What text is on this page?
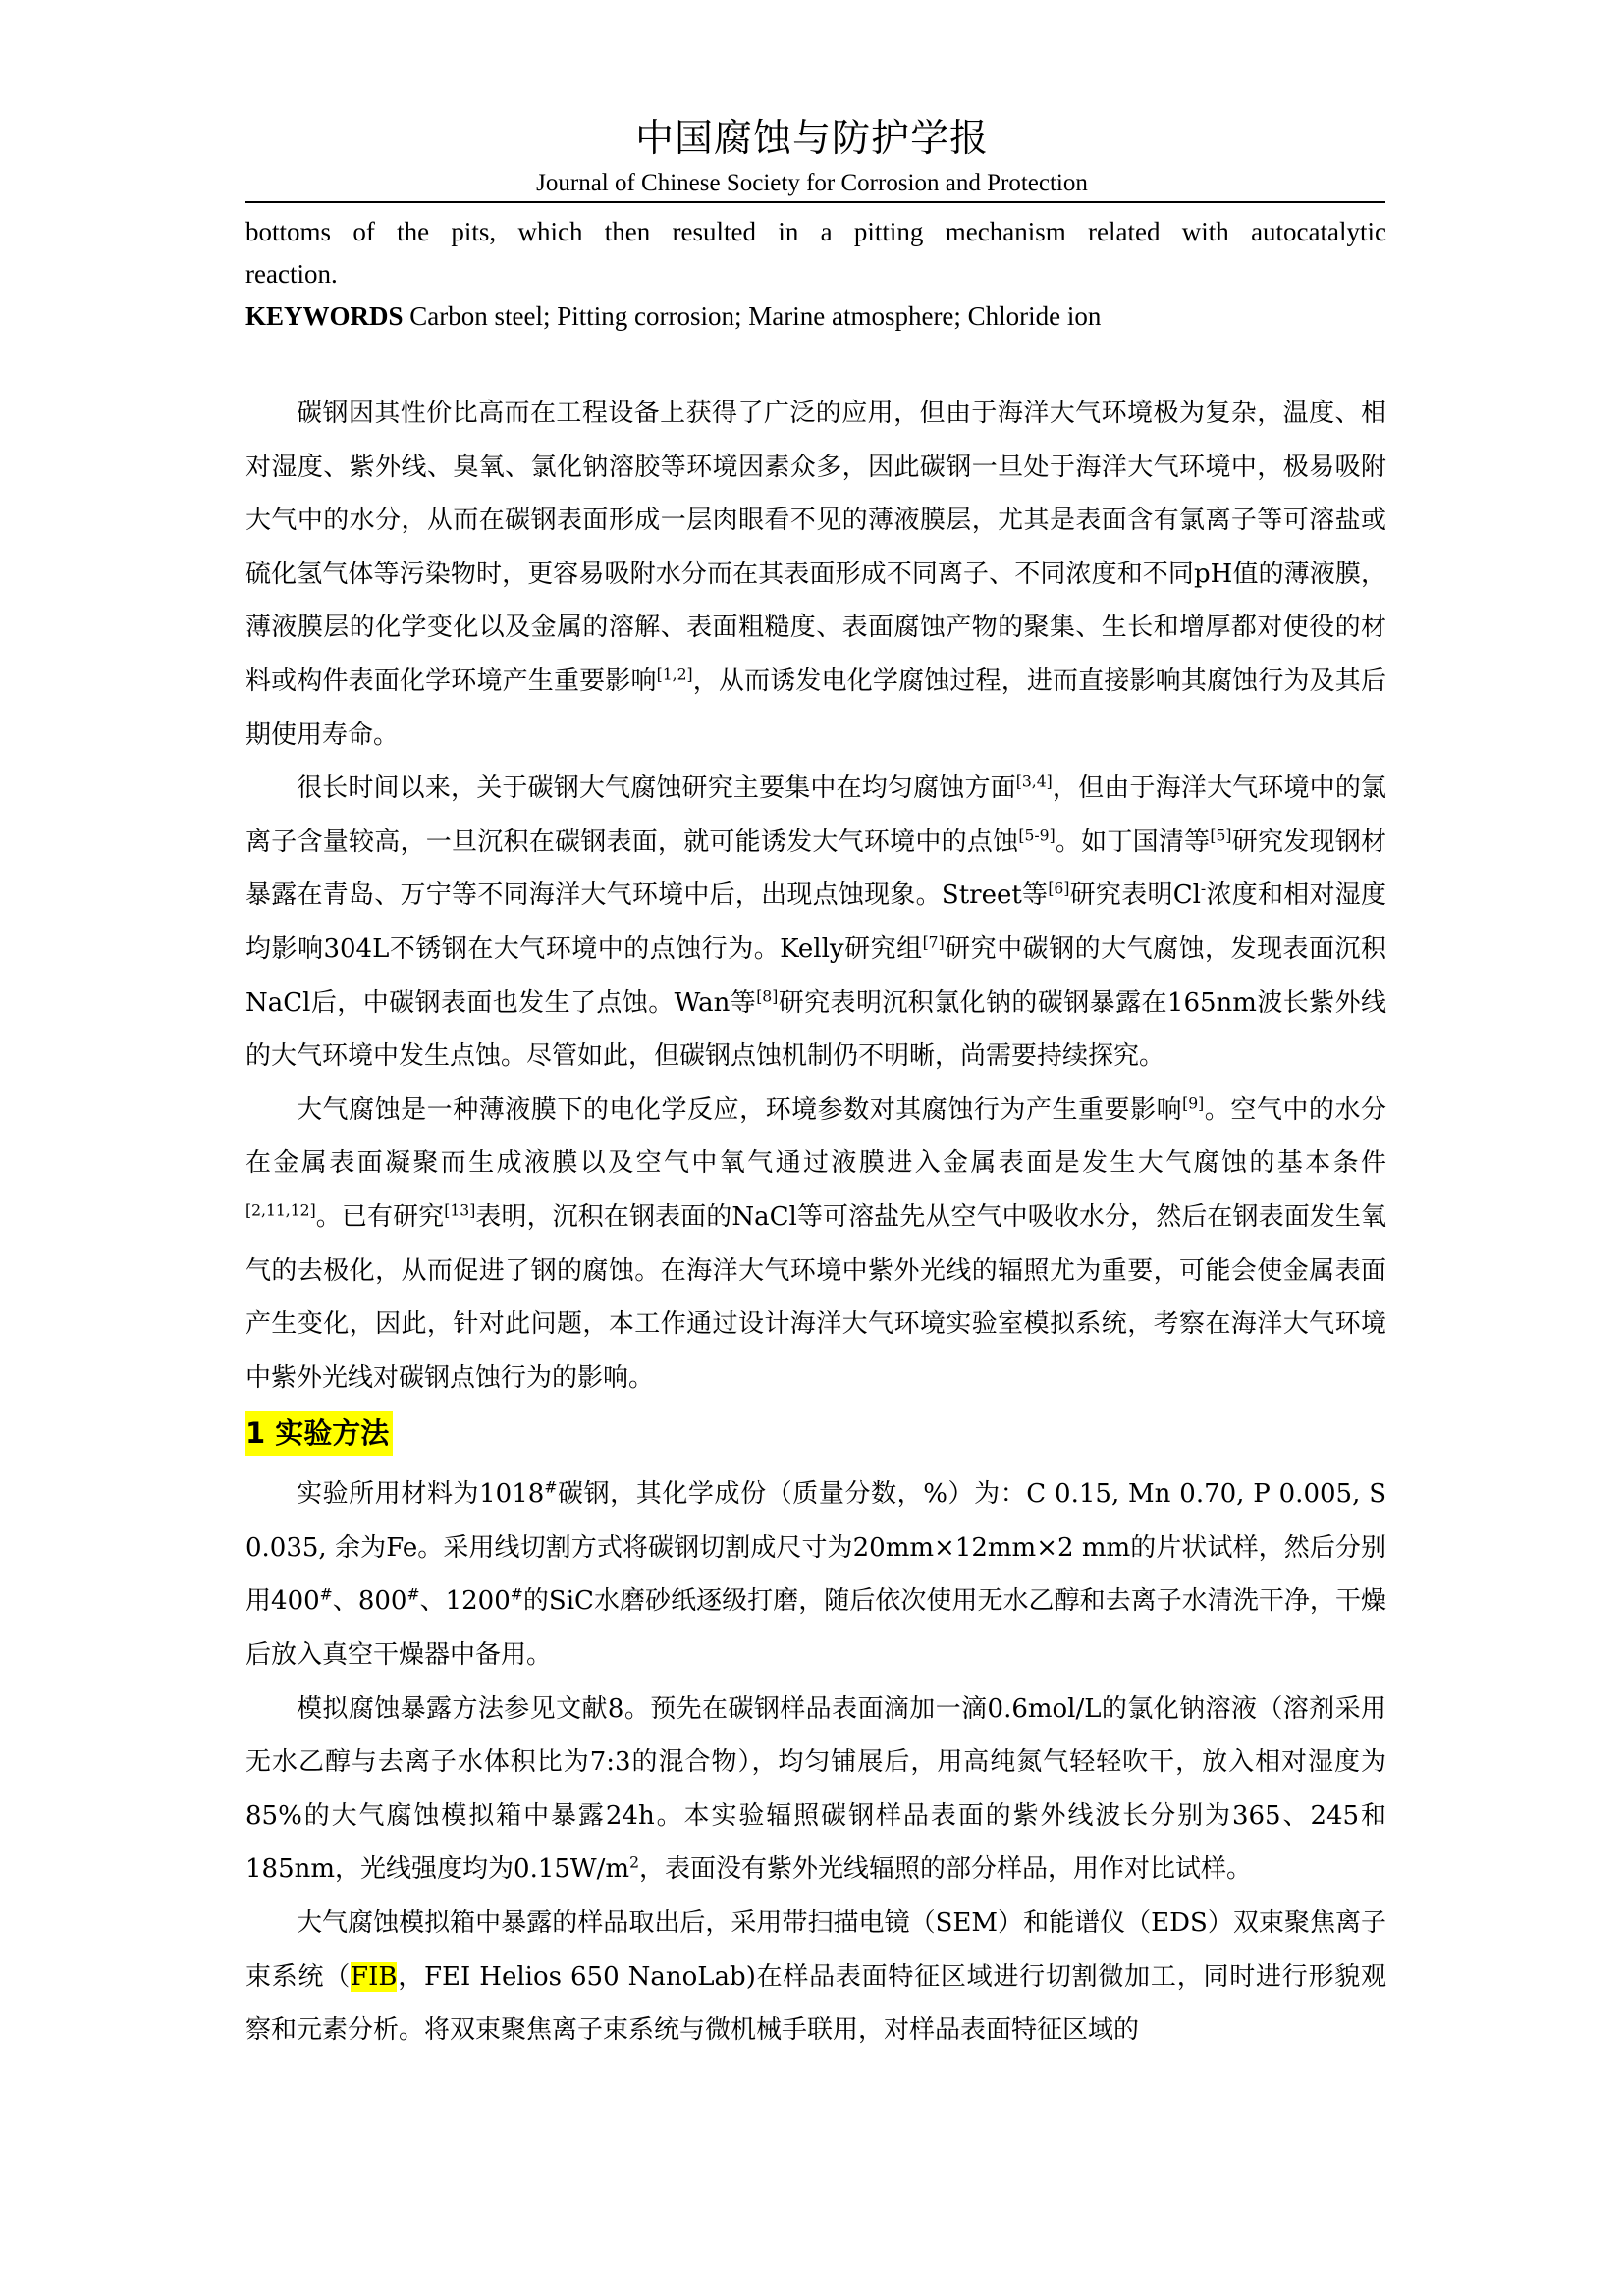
中国腐蚀与防护学报
Journal of Chinese Society for Corrosion and Protection

bottoms of the pits, which then resulted in a pitting mechanism related with autocatalytic

reaction.

KEYWORDS Carbon steel; Pitting corrosion; Marine atmosphere; Chloride ion

碳钢因其性价比高而在工程设备上获得了广泛的应用，但由于海洋大气环境极为复杂，温度、相对湿度、紫外线、臭氧、氯化钠溶胶等环境因素众多，因此碳钢一旦处于海洋大气环境中，极易吸附大气中的水分，从而在碳钢表面形成一层肉眼看不见的薄液膜层，尤其是表面含有氯离子等可溶盐或硫化氢气体等污染物时，更容易吸附水分而在其表面形成不同离子、不同浓度和不同pH值的薄液膜，薄液膜层的化学变化以及金属的溶解、表面粗糙度、表面腐蚀产物的聚集、生长和增厚都对使役的材料或构件表面化学环境产生重要影响[1,2]，从而诱发电化学腐蚀过程，进而直接影响其腐蚀行为及其后期使用寿命。

很长时间以来，关于碳钢大气腐蚀研究主要集中在均匀腐蚀方面[3,4]，但由于海洋大气环境中的氯离子含量较高，一旦沉积在碳钢表面，就可能诱发大气环境中的点蚀[5-9]。如丁国清等[5]研究发现钢材暴露在青岛、万宁等不同海洋大气环境中后，出现点蚀现象。Street等[6]研究表明Cl-浓度和相对湿度均影响304L不锈钢在大气环境中的点蚀行为。Kelly研究组[7]研究中碳钢的大气腐蚀，发现表面沉积NaCl后，中碳钢表面也发生了点蚀。Wan等[8]研究表明沉积氯化钠的碳钢暴露在165nm波长紫外线的大气环境中发生点蚀。尽管如此，但碳钢点蚀机制仍不明晰，尚需要持续探究。

大气腐蚀是一种薄液膜下的电化学反应，环境参数对其腐蚀行为产生重要影响[9]。空气中的水分在金属表面凝聚而生成液膜以及空气中氧气通过液膜进入金属表面是发生大气腐蚀的基本条件[2,11,12]。已有研究[13]表明，沉积在钢表面的NaCl等可溶盐先从空气中吸收水分，然后在钢表面发生氧气的去极化，从而促进了钢的腐蚀。在海洋大气环境中紫外光线的辐照尤为重要，可能会使金属表面产生变化，因此，针对此问题，本工作通过设计海洋大气环境实验室模拟系统，考察在海洋大气环境中紫外光线对碳钢点蚀行为的影响。

1 实验方法

实验所用材料为1018#碳钢，其化学成份（质量分数，%）为：C 0.15, Mn 0.70, P 0.005, S 0.035, 余为Fe。采用线切割方式将碳钢切割成尺寸为20mm×12mm×2 mm的片状试样，然后分别用400#、800#、1200#的SiC水磨砂纸逐级打磨，随后依次使用无水乙醇和去离子水清洗干净，干燥后放入真空干燥器中备用。

模拟腐蚀暴露方法参见文献8。预先在碳钢样品表面滴加一滴0.6mol/L的氯化钠溶液（溶剂采用无水乙醇与去离子水体积比为7:3的混合物），均匀铺展后，用高纯氮气轻轻吹干，放入相对湿度为85%的大气腐蚀模拟箱中暴露24h。本实验辐照碳钢样品表面的紫外线波长分别为365、245和185nm，光线强度均为$0.15W/m^2$，表面没有紫外光线辐照的部分样品，用作对比试样。

大气腐蚀模拟箱中暴露的样品取出后，采用带扫描电镜（SEM）和能谱仪（EDS）双束聚焦离子束系统（FIB，FEI Helios 650 NanoLab)在样品表面特征区域进行切割微加工，同时进行形貌观察和元素分析。将双束聚焦离子束系统与微机械手联用，对样品表面特征区域的
